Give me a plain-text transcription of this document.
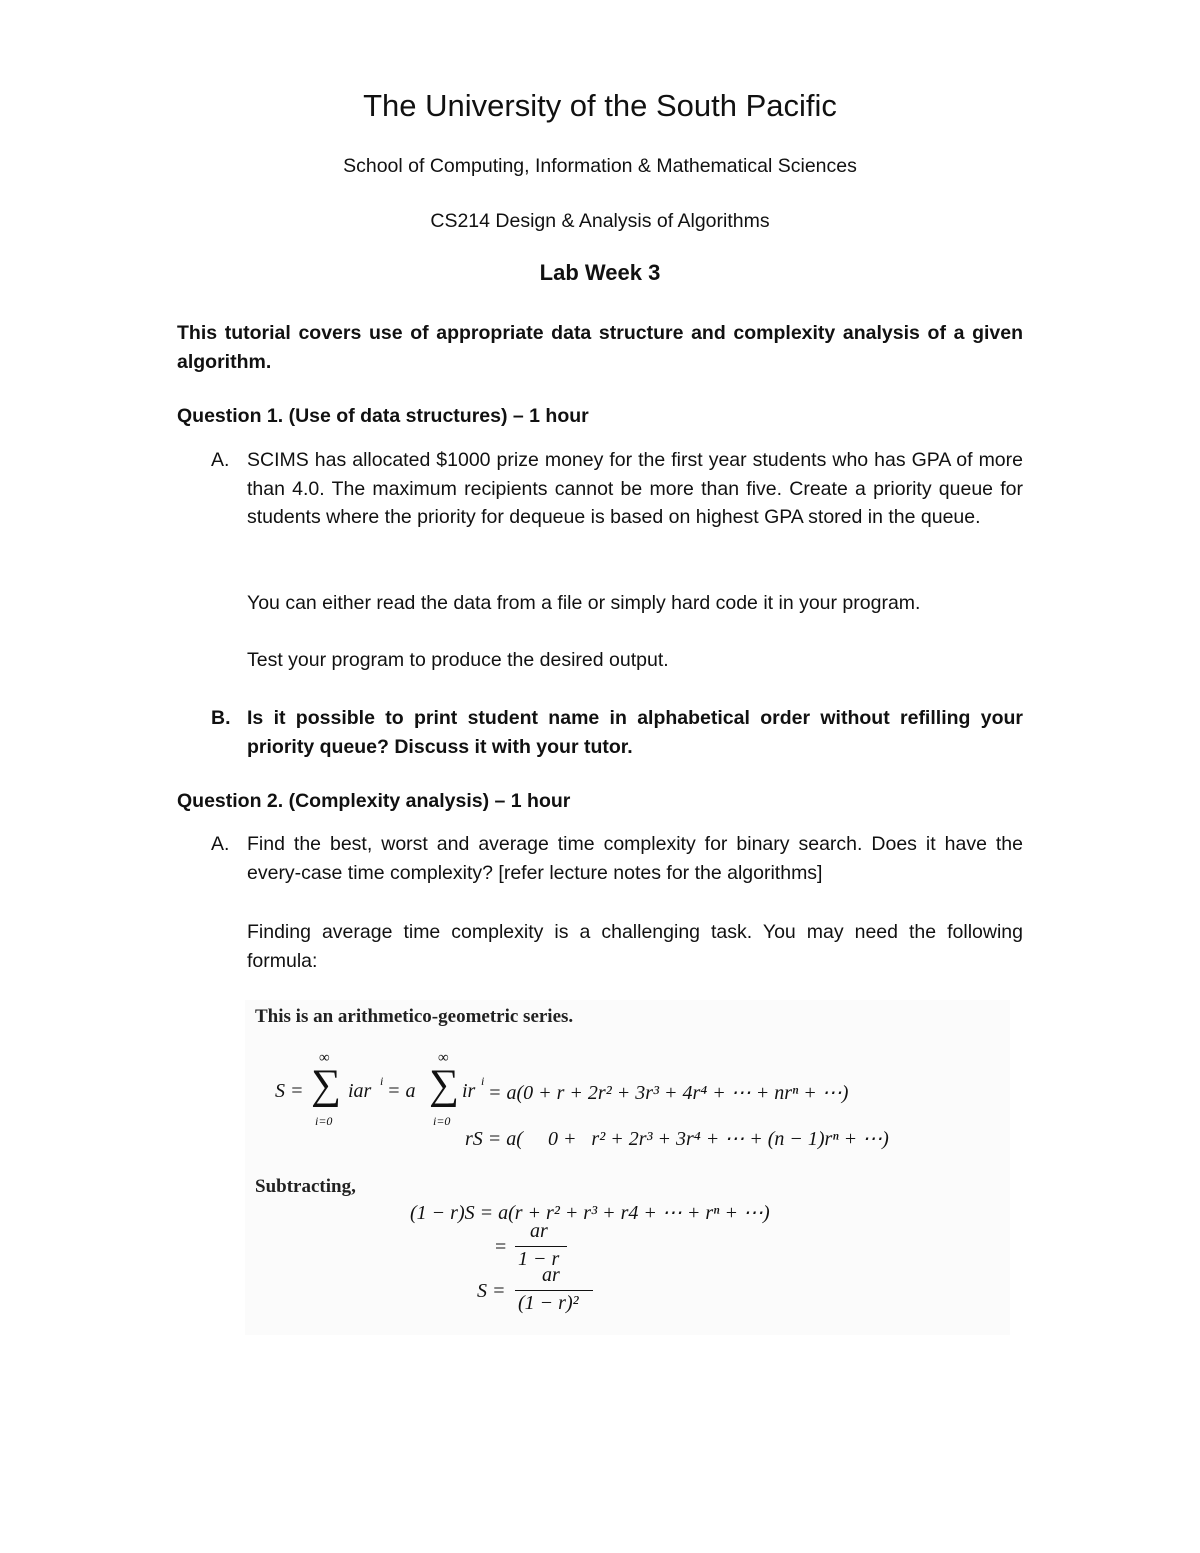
The University of the South Pacific
School of Computing, Information & Mathematical Sciences
CS214 Design & Analysis of Algorithms
Lab Week 3
This tutorial covers use of appropriate data structure and complexity analysis of a given algorithm.
Question 1. (Use of data structures) – 1 hour
A. SCIMS has allocated $1000 prize money for the first year students who has GPA of more than 4.0. The maximum recipients cannot be more than five. Create a priority queue for students where the priority for dequeue is based on highest GPA stored in the queue.
You can either read the data from a file or simply hard code it in your program.
Test your program to produce the desired output.
B. Is it possible to print student name in alphabetical order without refilling your priority queue? Discuss it with your tutor.
Question 2. (Complexity analysis) – 1 hour
A. Find the best, worst and average time complexity for binary search. Does it have the every-case time complexity? [refer lecture notes for the algorithms]
Finding average time complexity is a challenging task. You may need the following formula:
This is an arithmetico-geometric series.
S =
∞
∑
i=0
iar i = a
∞
∑
i=0
ir i
= a(0 + r + 2r² + 3r³ + 4r⁴ + ⋯ + nrⁿ + ⋯)
rS = a(     0 +   r² + 2r³ + 3r⁴ + ⋯ + (n − 1)rⁿ + ⋯)
Subtracting,
(1 − r)S = a(r + r² + r³ + r4 + ⋯ + rⁿ + ⋯)
=
ar
1 − r
S =
ar
(1 − r)²
